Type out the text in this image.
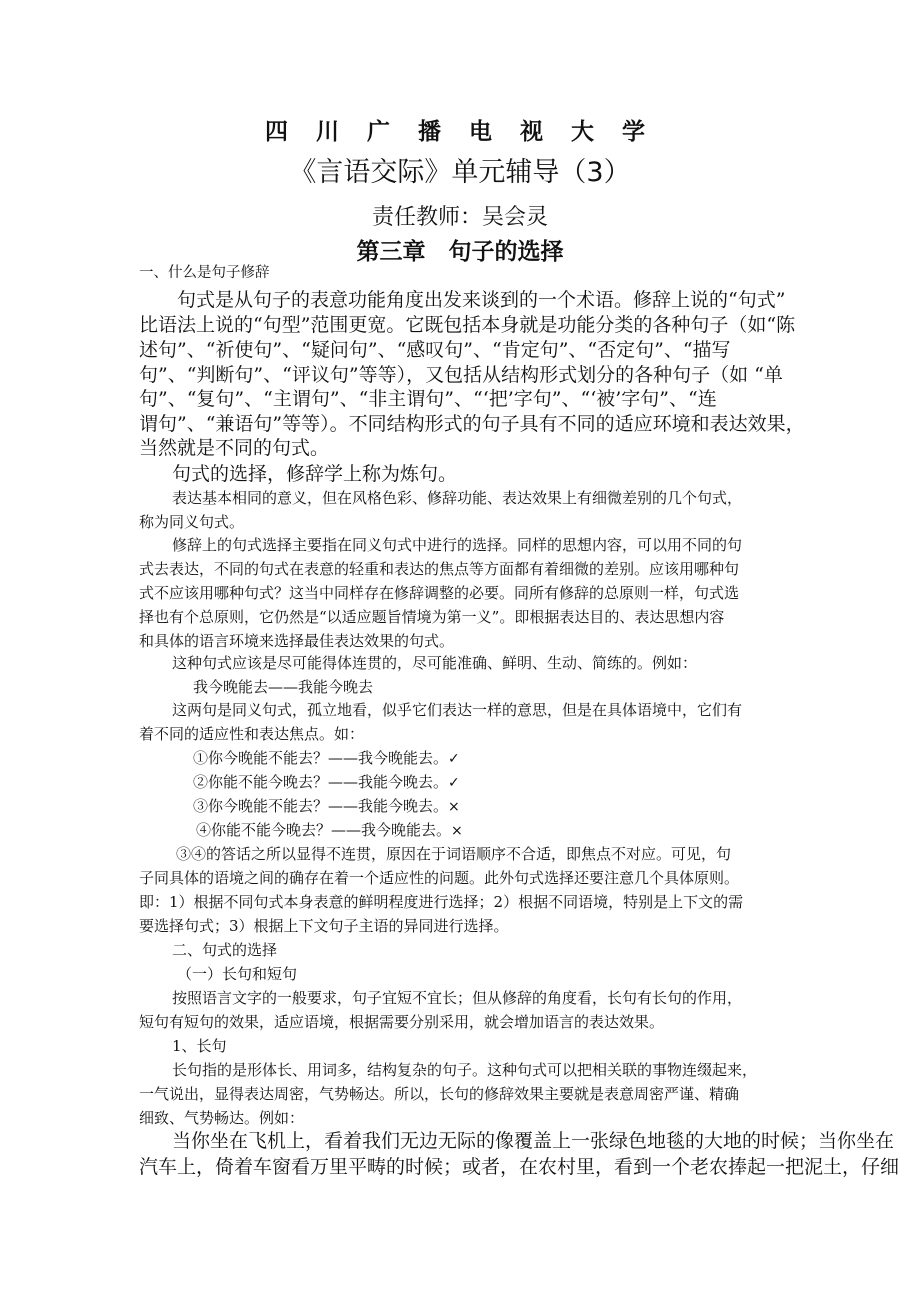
四 川 广 播 电 视 大 学
《言语交际》单元辅导（3）
责任教师：吴会灵
第三章　句子的选择
一、什么是句子修辞
句式是从句子的表意功能角度出发来谈到的一个术语。修辞上说的“句式”
比语法上说的“句型”范围更宽。它既包括本身就是功能分类的各种句子（如“陈
述句”、“祈使句”、“疑问句”、“感叹句”、“肯定句”、“否定句”、“描写
句”、“判断句”、“评议句”等等），又包括从结构形式划分的各种句子（如 “单
句”、“复句”、“主谓句”、“非主谓句”、“‘把’字句”、“‘被’字句”、“连
谓句”、“兼语句”等等）。不同结构形式的句子具有不同的适应环境和表达效果，
当然就是不同的句式。
句式的选择，修辞学上称为炼句。
表达基本相同的意义，但在风格色彩、修辞功能、表达效果上有细微差别的几个句式，
称为同义句式。
修辞上的句式选择主要指在同义句式中进行的选择。同样的思想内容，可以用不同的句
式去表达，不同的句式在表意的轻重和表达的焦点等方面都有着细微的差别。应该用哪种句
式不应该用哪种句式？这当中同样存在修辞调整的必要。同所有修辞的总原则一样，句式选
择也有个总原则，它仍然是“以适应题旨情境为第一义”。即根据表达目的、表达思想内容
和具体的语言环境来选择最佳表达效果的句式。
这种句式应该是尽可能得体连贯的，尽可能准确、鲜明、生动、简练的。例如：
我今晚能去——我能今晚去
这两句是同义句式，孤立地看，似乎它们表达一样的意思，但是在具体语境中，它们有
着不同的适应性和表达焦点。如：
①你今晚能不能去？——我今晚能去。✓
②你能不能今晚去？——我能今晚去。✓
③你今晚能不能去？——我能今晚去。×
④你能不能今晚去？——我今晚能去。×
③④的答话之所以显得不连贯，原因在于词语顺序不合适，即焦点不对应。可见，句
子同具体的语境之间的确存在着一个适应性的问题。此外句式选择还要注意几个具体原则。
即：1）根据不同句式本身表意的鲜明程度进行选择；2）根据不同语境，特别是上下文的需
要选择句式；3）根据上下文句子主语的异同进行选择。
二、句式的选择
（一）长句和短句
按照语言文字的一般要求，句子宜短不宜长；但从修辞的角度看，长句有长句的作用，
短句有短句的效果，适应语境，根据需要分别采用，就会增加语言的表达效果。
1、长句
长句指的是形体长、用词多，结构复杂的句子。这种句式可以把相关联的事物连缀起来，
一气说出，显得表达周密，气势畅达。所以，长句的修辞效果主要就是表意周密严谨、精确
细致、气势畅达。例如：
当你坐在飞机上，看着我们无边无际的像覆盖上一张绿色地毯的大地的时候；当你坐在
汽车上，倚着车窗看万里平畴的时候；或者，在农村里，看到一个老农捧起一把泥土，仔细
